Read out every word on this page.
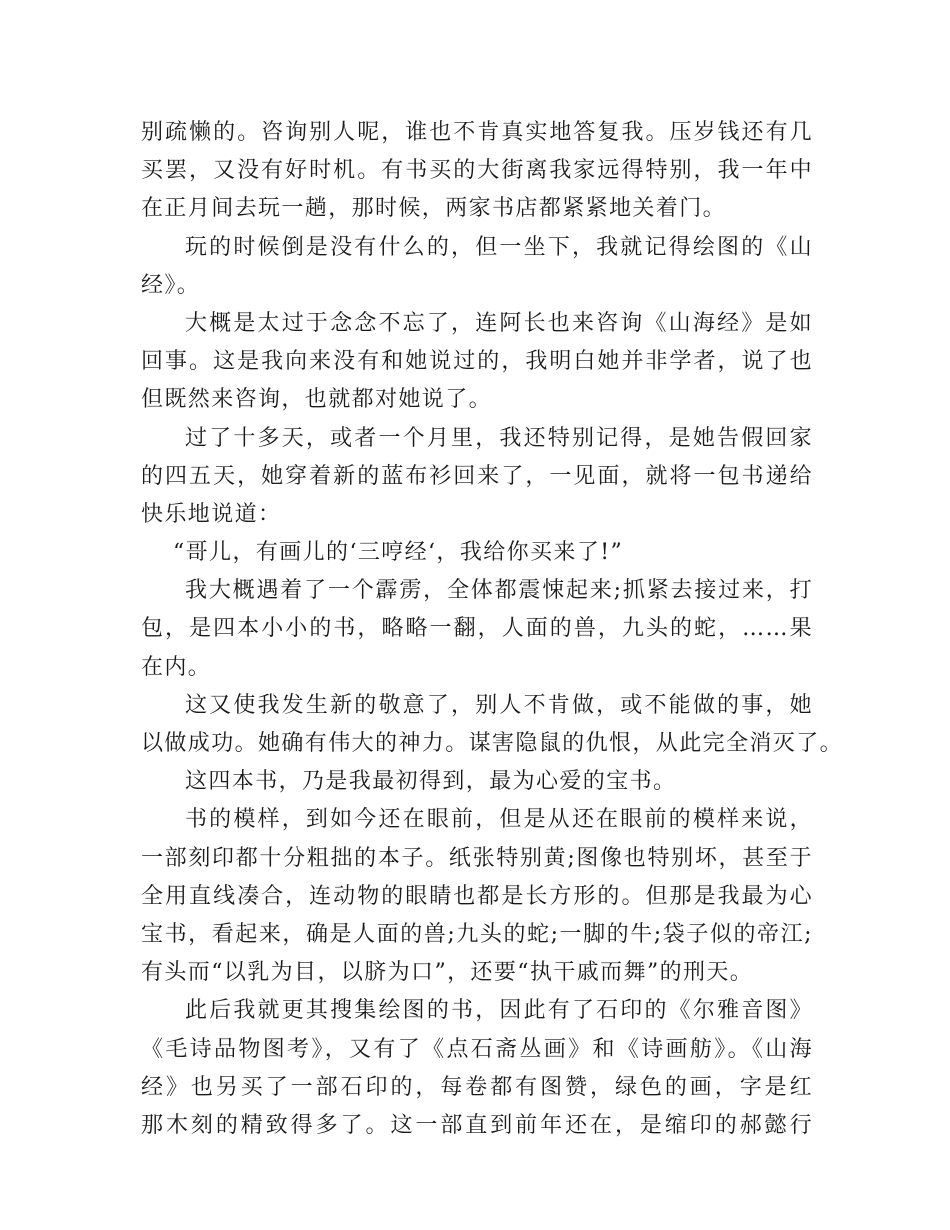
别疏懒的。咨询别人呢，谁也不肯真实地答复我。压岁钱还有几
买罢，又没有好时机。有书买的大街离我家远得特别，我一年中
在正月间去玩一趟，那时候，两家书店都紧紧地关着门。
玩的时候倒是没有什么的，但一坐下，我就记得绘图的《山
经》。
大概是太过于念念不忘了，连阿长也来咨询《山海经》是如
回事。这是我向来没有和她说过的，我明白她并非学者，说了也
但既然来咨询，也就都对她说了。
过了十多天，或者一个月里，我还特别记得，是她告假回家
的四五天，她穿着新的蓝布衫回来了，一见面，就将一包书递给
快乐地说道：
“哥儿，有画儿的‘三哼经‘，我给你买来了!”
我大概遇着了一个霹雳，全体都震悚起来;抓紧去接过来，打
包，是四本小小的书，略略一翻，人面的兽，九头的蛇，……果
在内。
这又使我发生新的敬意了，别人不肯做，或不能做的事，她
以做成功。她确有伟大的神力。谋害隐鼠的仇恨，从此完全消灭了。
这四本书，乃是我最初得到，最为心爱的宝书。
书的模样，到如今还在眼前，但是从还在眼前的模样来说，
一部刻印都十分粗拙的本子。纸张特别黄;图像也特别坏，甚至于
全用直线凑合，连动物的眼睛也都是长方形的。但那是我最为心
宝书，看起来，确是人面的兽;九头的蛇;一脚的牛;袋子似的帝江;
有头而“以乳为目，以脐为口”，还要“执干戚而舞”的刑天。
此后我就更其搜集绘图的书，因此有了石印的《尔雅音图》
《毛诗品物图考》，又有了《点石斋丛画》和《诗画舫》。《山海
经》也另买了一部石印的，每卷都有图赞，绿色的画，字是红
那木刻的精致得多了。这一部直到前年还在，是缩印的郝懿行
